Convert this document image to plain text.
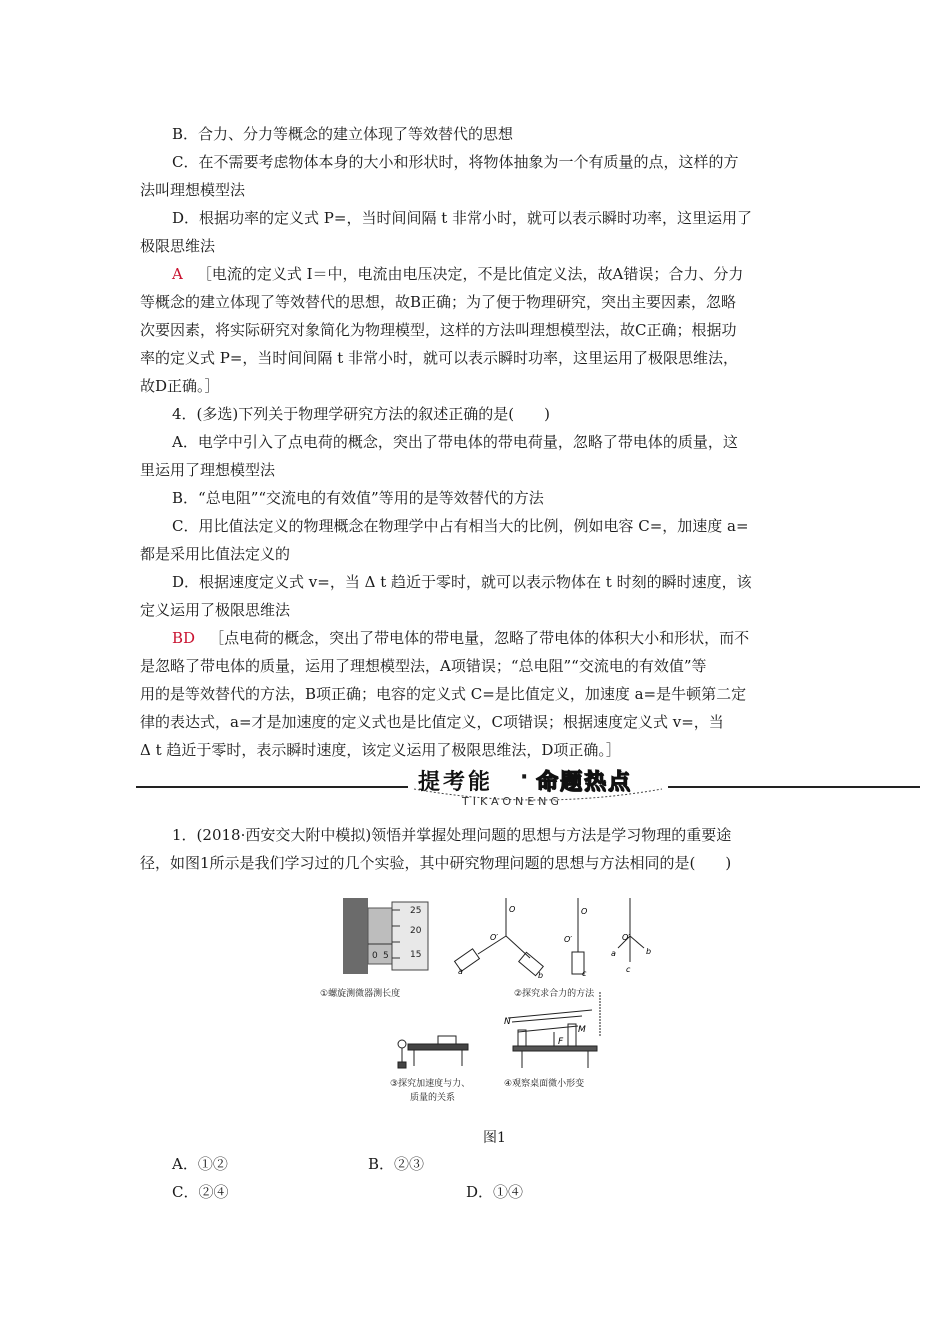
B．合力、分力等概念的建立体现了等效替代的思想
C．在不需要考虑物体本身的大小和形状时，将物体抽象为一个有质量的点，这样的方
法叫理想模型法
D．根据功率的定义式 P=，当时间间隔 t 非常小时，就可以表示瞬时功率，这里运用了
极限思维法
A ［电流的定义式 I＝中，电流由电压决定，不是比值定义法，故A错误；合力、分力
等概念的建立体现了等效替代的思想，故B正确；为了便于物理研究，突出主要因素，忽略
次要因素，将实际研究对象简化为物理模型，这样的方法叫理想模型法，故C正确；根据功
率的定义式 P=，当时间间隔 t 非常小时，就可以表示瞬时功率，这里运用了极限思维法，
故D正确。］
4．(多选)下列关于物理学研究方法的叙述正确的是(　　)
A．电学中引入了点电荷的概念，突出了带电体的带电荷量，忽略了带电体的质量，这
里运用了理想模型法
B．“总电阻”“交流电的有效值”等用的是等效替代的方法
C．用比值法定义的物理概念在物理学中占有相当大的比例，例如电容 C=，加速度 a=
都是采用比值法定义的
D．根据速度定义式 v=，当 Δ t 趋近于零时，就可以表示物体在 t 时刻的瞬时速度，该
定义运用了极限思维法
BD ［点电荷的概念，突出了带电体的带电量，忽略了带电体的体积大小和形状，而不
是忽略了带电体的质量，运用了理想模型法，A项错误；“总电阻”“交流电的有效值”等
用的是等效替代的方法，B项正确；电容的定义式 C=是比值定义，加速度 a=是牛顿第二定
律的表达式，a=才是加速度的定义式也是比值定义，C项错误；根据速度定义式 v=，当
Δ t 趋近于零时，表示瞬时速度，该定义运用了极限思维法，D项正确。］
提考能 · 命题热点
TIKAONENG
1．(2018·西安交大附中模拟)领悟并掌握处理问题的思想与方法是学习物理的重要途
径，如图1所示是我们学习过的几个实验，其中研究物理问题的思想与方法相同的是(　　)
25
20
15
0 5
O
O′
a	b
O
O′
c
O′
a	b
c
N
M
F
①螺旋测微器测长度	②探究求合力的方法
③探究加速度与力、
质量的关系
④观察桌面微小形变
图1
A．①②	B．②③
C．②④	D．①④
